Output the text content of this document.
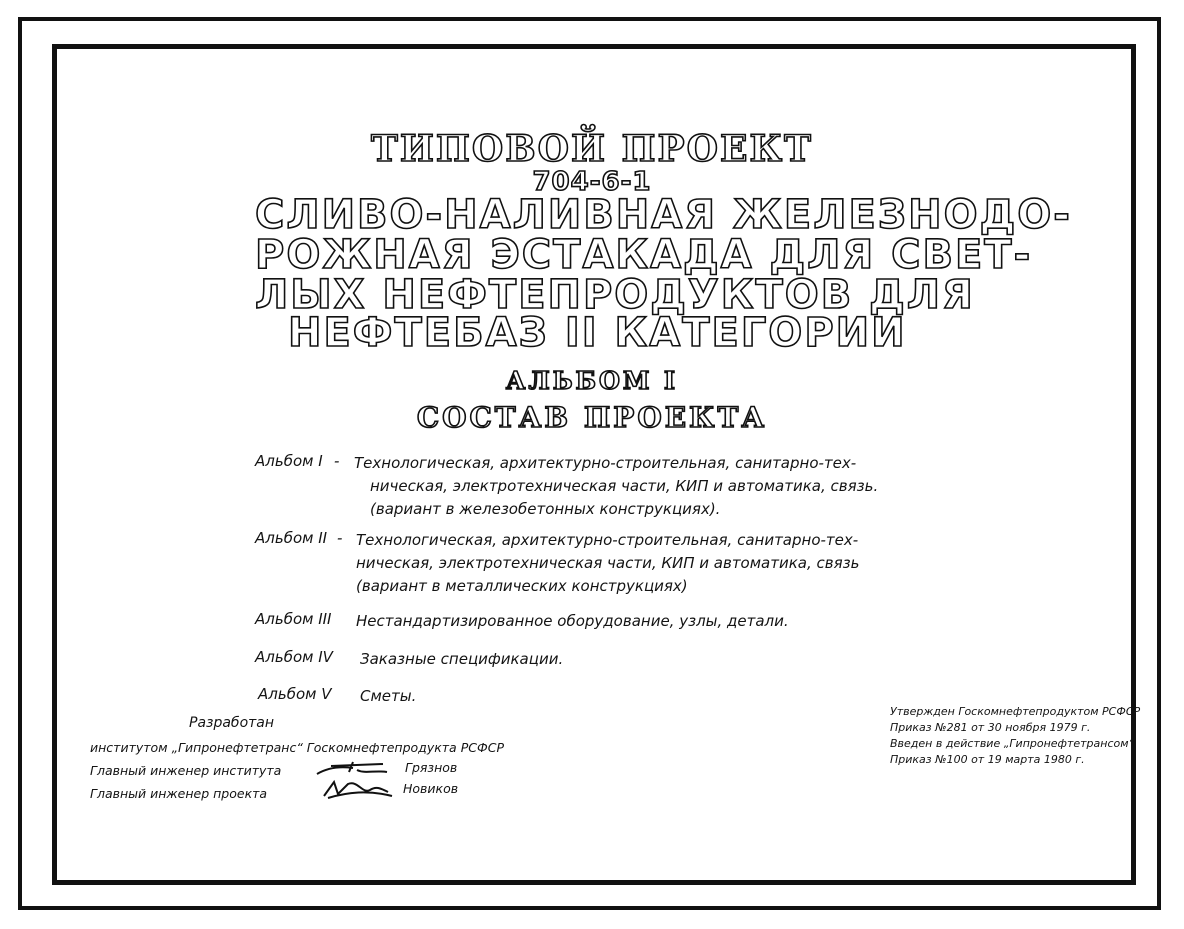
ТИПОВОЙ ПРОЕКТ
704-6-1
СЛИВО-НАЛИВНАЯ ЖЕЛЕЗНОДО-
РОЖНАЯ ЭСТАКАДА ДЛЯ СВЕТ-
ЛЫХ НЕФТЕПРОДУКТОВ ДЛЯ
НЕФТЕБАЗ II КАТЕГОРИИ
АЛЬБОМ I
СОСТАВ ПРОЕКТА
Альбом I - Технологическая, архитектурно-строительная, санитарно-тех-
ническая, электротехническая части, КИП и автоматика, связь.
(вариант в железобетонных конструкциях).
Альбом II - Технологическая, архитектурно-строительная, санитарно-тех-
ническая, электротехническая части, КИП и автоматика, связь
(вариант в металлических конструкциях)
Альбом III Нестандартизированное оборудование, узлы, детали.
Альбом IV Заказные спецификации.
Альбом V Сметы.
Разработан
институтом „Гипронефтетранс“ Госкомнефтепродукта РСФСР
Главный инженер института	Грязнов
Главный инженер проекта	Новиков
Утвержден Госкомнефтепродуктом РСФСР
Приказ №281 от 30 ноября 1979 г.
Введен в действие „Гипронефтетрансом“
Приказ №100 от 19 марта 1980 г.
